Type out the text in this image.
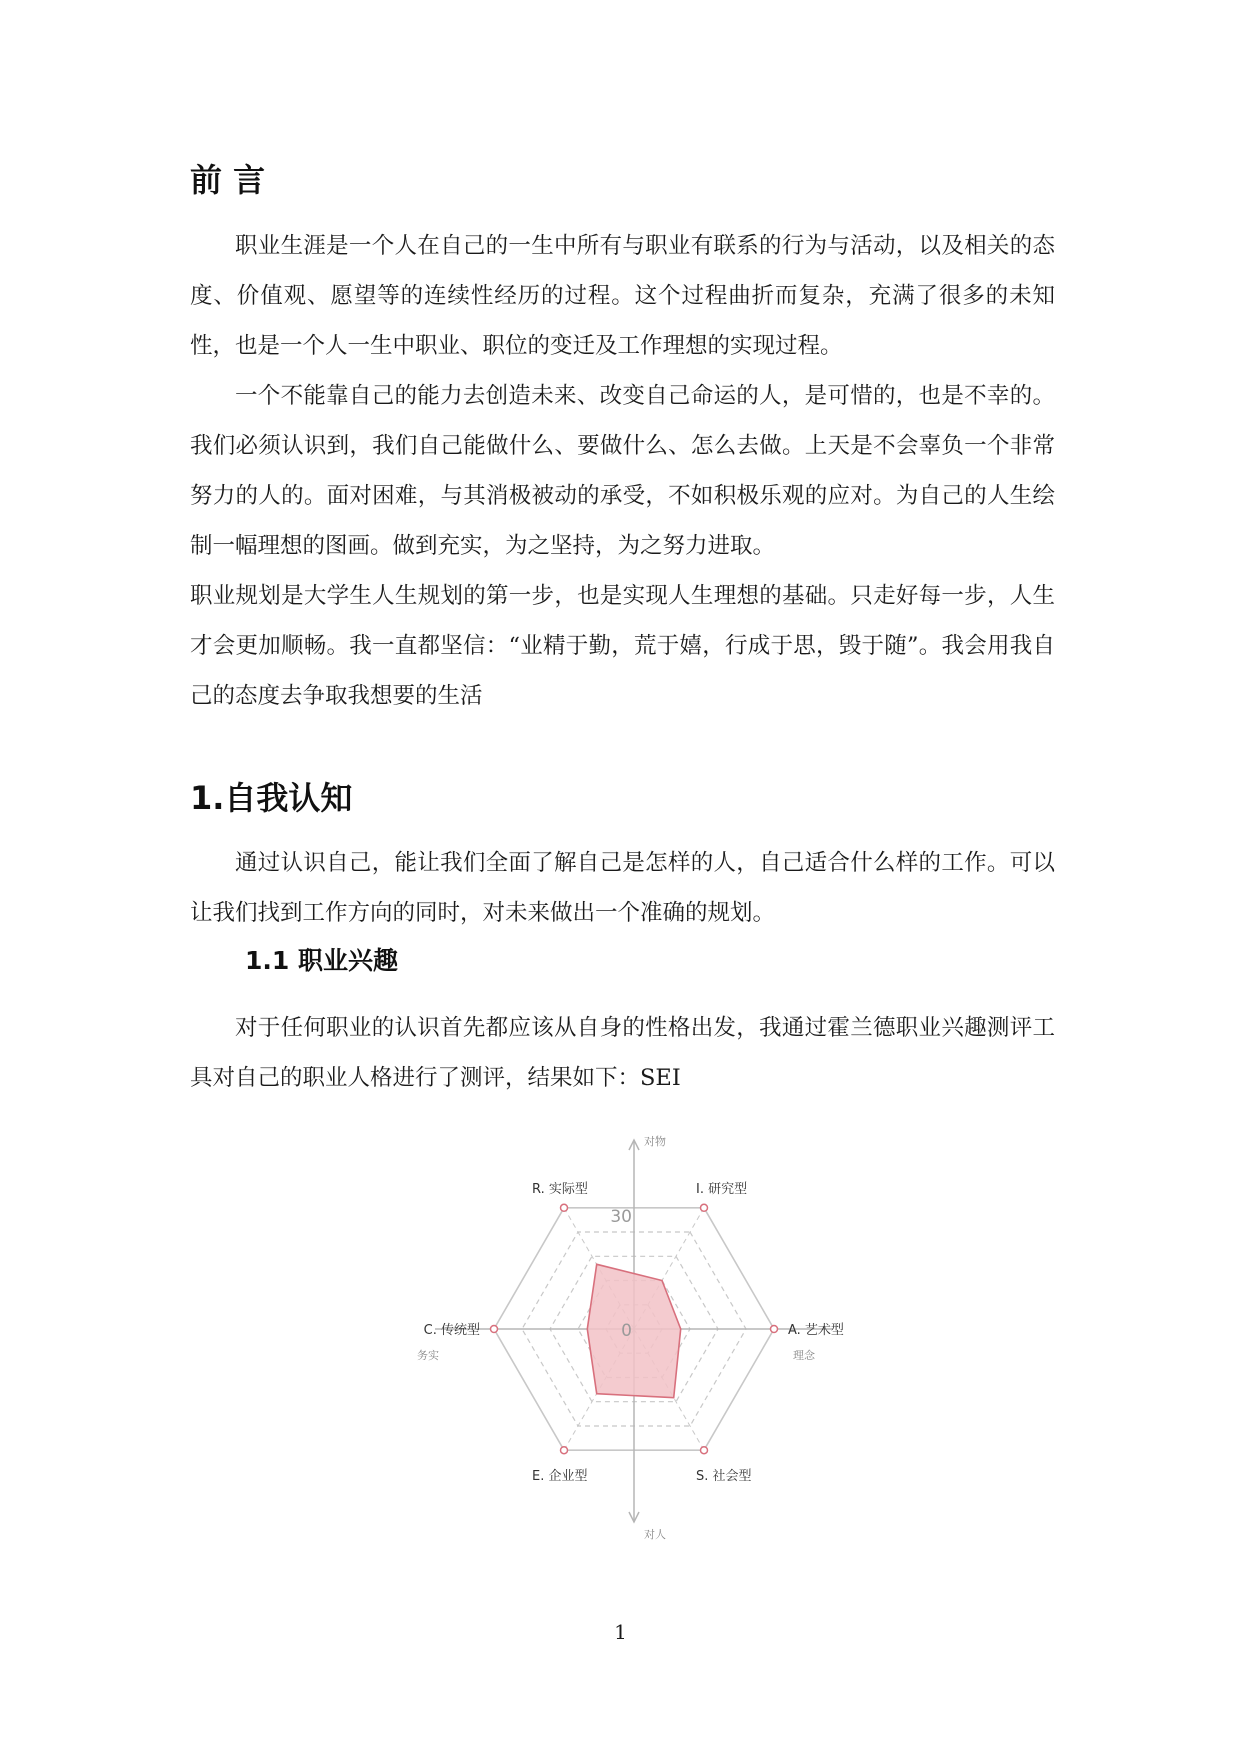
前 言

职业生涯是一个人在自己的一生中所有与职业有联系的行为与活动，以及相关的态度、价值观、愿望等的连续性经历的过程。这个过程曲折而复杂，充满了很多的未知性，也是一个人一生中职业、职位的变迁及工作理想的实现过程。

一个不能靠自己的能力去创造未来、改变自己命运的人，是可惜的，也是不幸的。我们必须认识到，我们自己能做什么、要做什么、怎么去做。上天是不会辜负一个非常努力的人的。面对困难，与其消极被动的承受，不如积极乐观的应对。为自己的人生绘制一幅理想的图画。做到充实，为之坚持，为之努力进取。

职业规划是大学生人生规划的第一步，也是实现人生理想的基础。只走好每一步，人生才会更加顺畅。我一直都坚信：“业精于勤，荒于嬉，行成于思，毁于随”。我会用我自己的态度去争取我想要的生活

1.自我认知

通过认识自己，能让我们全面了解自己是怎样的人，自己适合什么样的工作。可以让我们找到工作方向的同时，对未来做出一个准确的规划。

1.1 职业兴趣

对于任何职业的认识首先都应该从自身的性格出发，我通过霍兰德职业兴趣测评工具对自己的职业人格进行了测评，结果如下：SEI

I. 研究型
A. 艺术型
S. 社会型
E. 企业型
C. 传统型
R. 实际型
0
30
对物
对人
务实	理念
1
